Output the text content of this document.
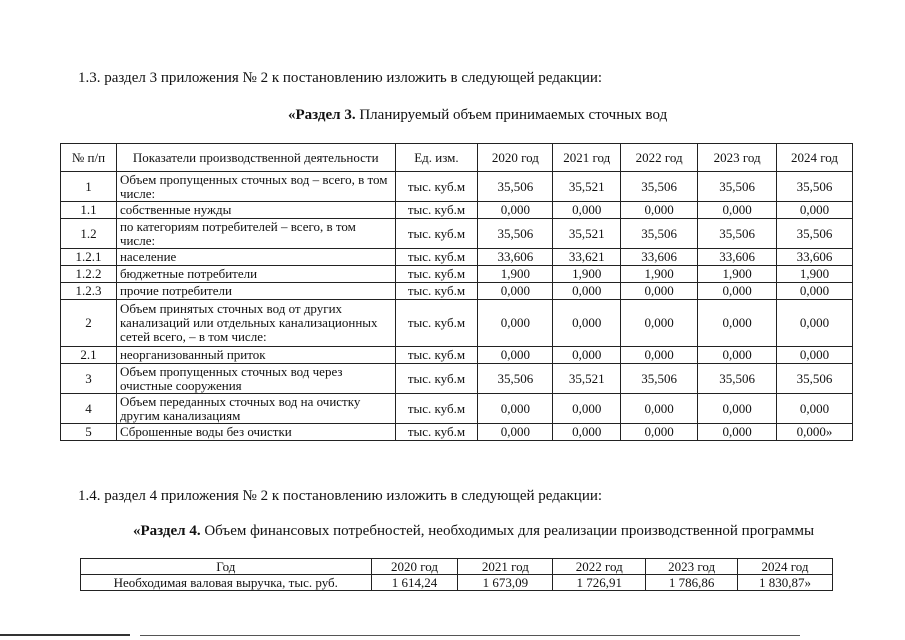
1.3. раздел 3 приложения № 2 к постановлению изложить в следующей редакции:
«Раздел 3. Планируемый объем принимаемых сточных вод
№ п/п	Показатели производственной деятельности	Ед. изм.	2020 год	2021 год	2022 год	2023 год	2024 год
1	Объем пропущенных сточных вод – всего, в том числе:	тыс. куб.м	35,506	35,521	35,506	35,506	35,506
1.1	собственные нужды	тыс. куб.м	0,000	0,000	0,000	0,000	0,000
1.2	по категориям потребителей – всего, в том числе:	тыс. куб.м	35,506	35,521	35,506	35,506	35,506
1.2.1	население	тыс. куб.м	33,606	33,621	33,606	33,606	33,606
1.2.2	бюджетные потребители	тыс. куб.м	1,900	1,900	1,900	1,900	1,900
1.2.3	прочие потребители	тыс. куб.м	0,000	0,000	0,000	0,000	0,000
2	Объем принятых сточных вод от других канализаций или отдельных канализационных сетей всего, – в том числе:	тыс. куб.м	0,000	0,000	0,000	0,000	0,000
2.1	неорганизованный приток	тыс. куб.м	0,000	0,000	0,000	0,000	0,000
3	Объем пропущенных сточных вод через очистные сооружения	тыс. куб.м	35,506	35,521	35,506	35,506	35,506
4	Объем переданных сточных вод на очистку другим канализациям	тыс. куб.м	0,000	0,000	0,000	0,000	0,000
5	Сброшенные воды без очистки	тыс. куб.м	0,000	0,000	0,000	0,000	0,000»
1.4. раздел 4 приложения № 2 к постановлению изложить в следующей редакции:
«Раздел 4. Объем финансовых потребностей, необходимых для реализации производственной программы
Год	2020 год	2021 год	2022 год	2023 год	2024 год
Необходимая валовая выручка, тыс. руб.	1 614,24	1 673,09	1 726,91	1 786,86	1 830,87»
